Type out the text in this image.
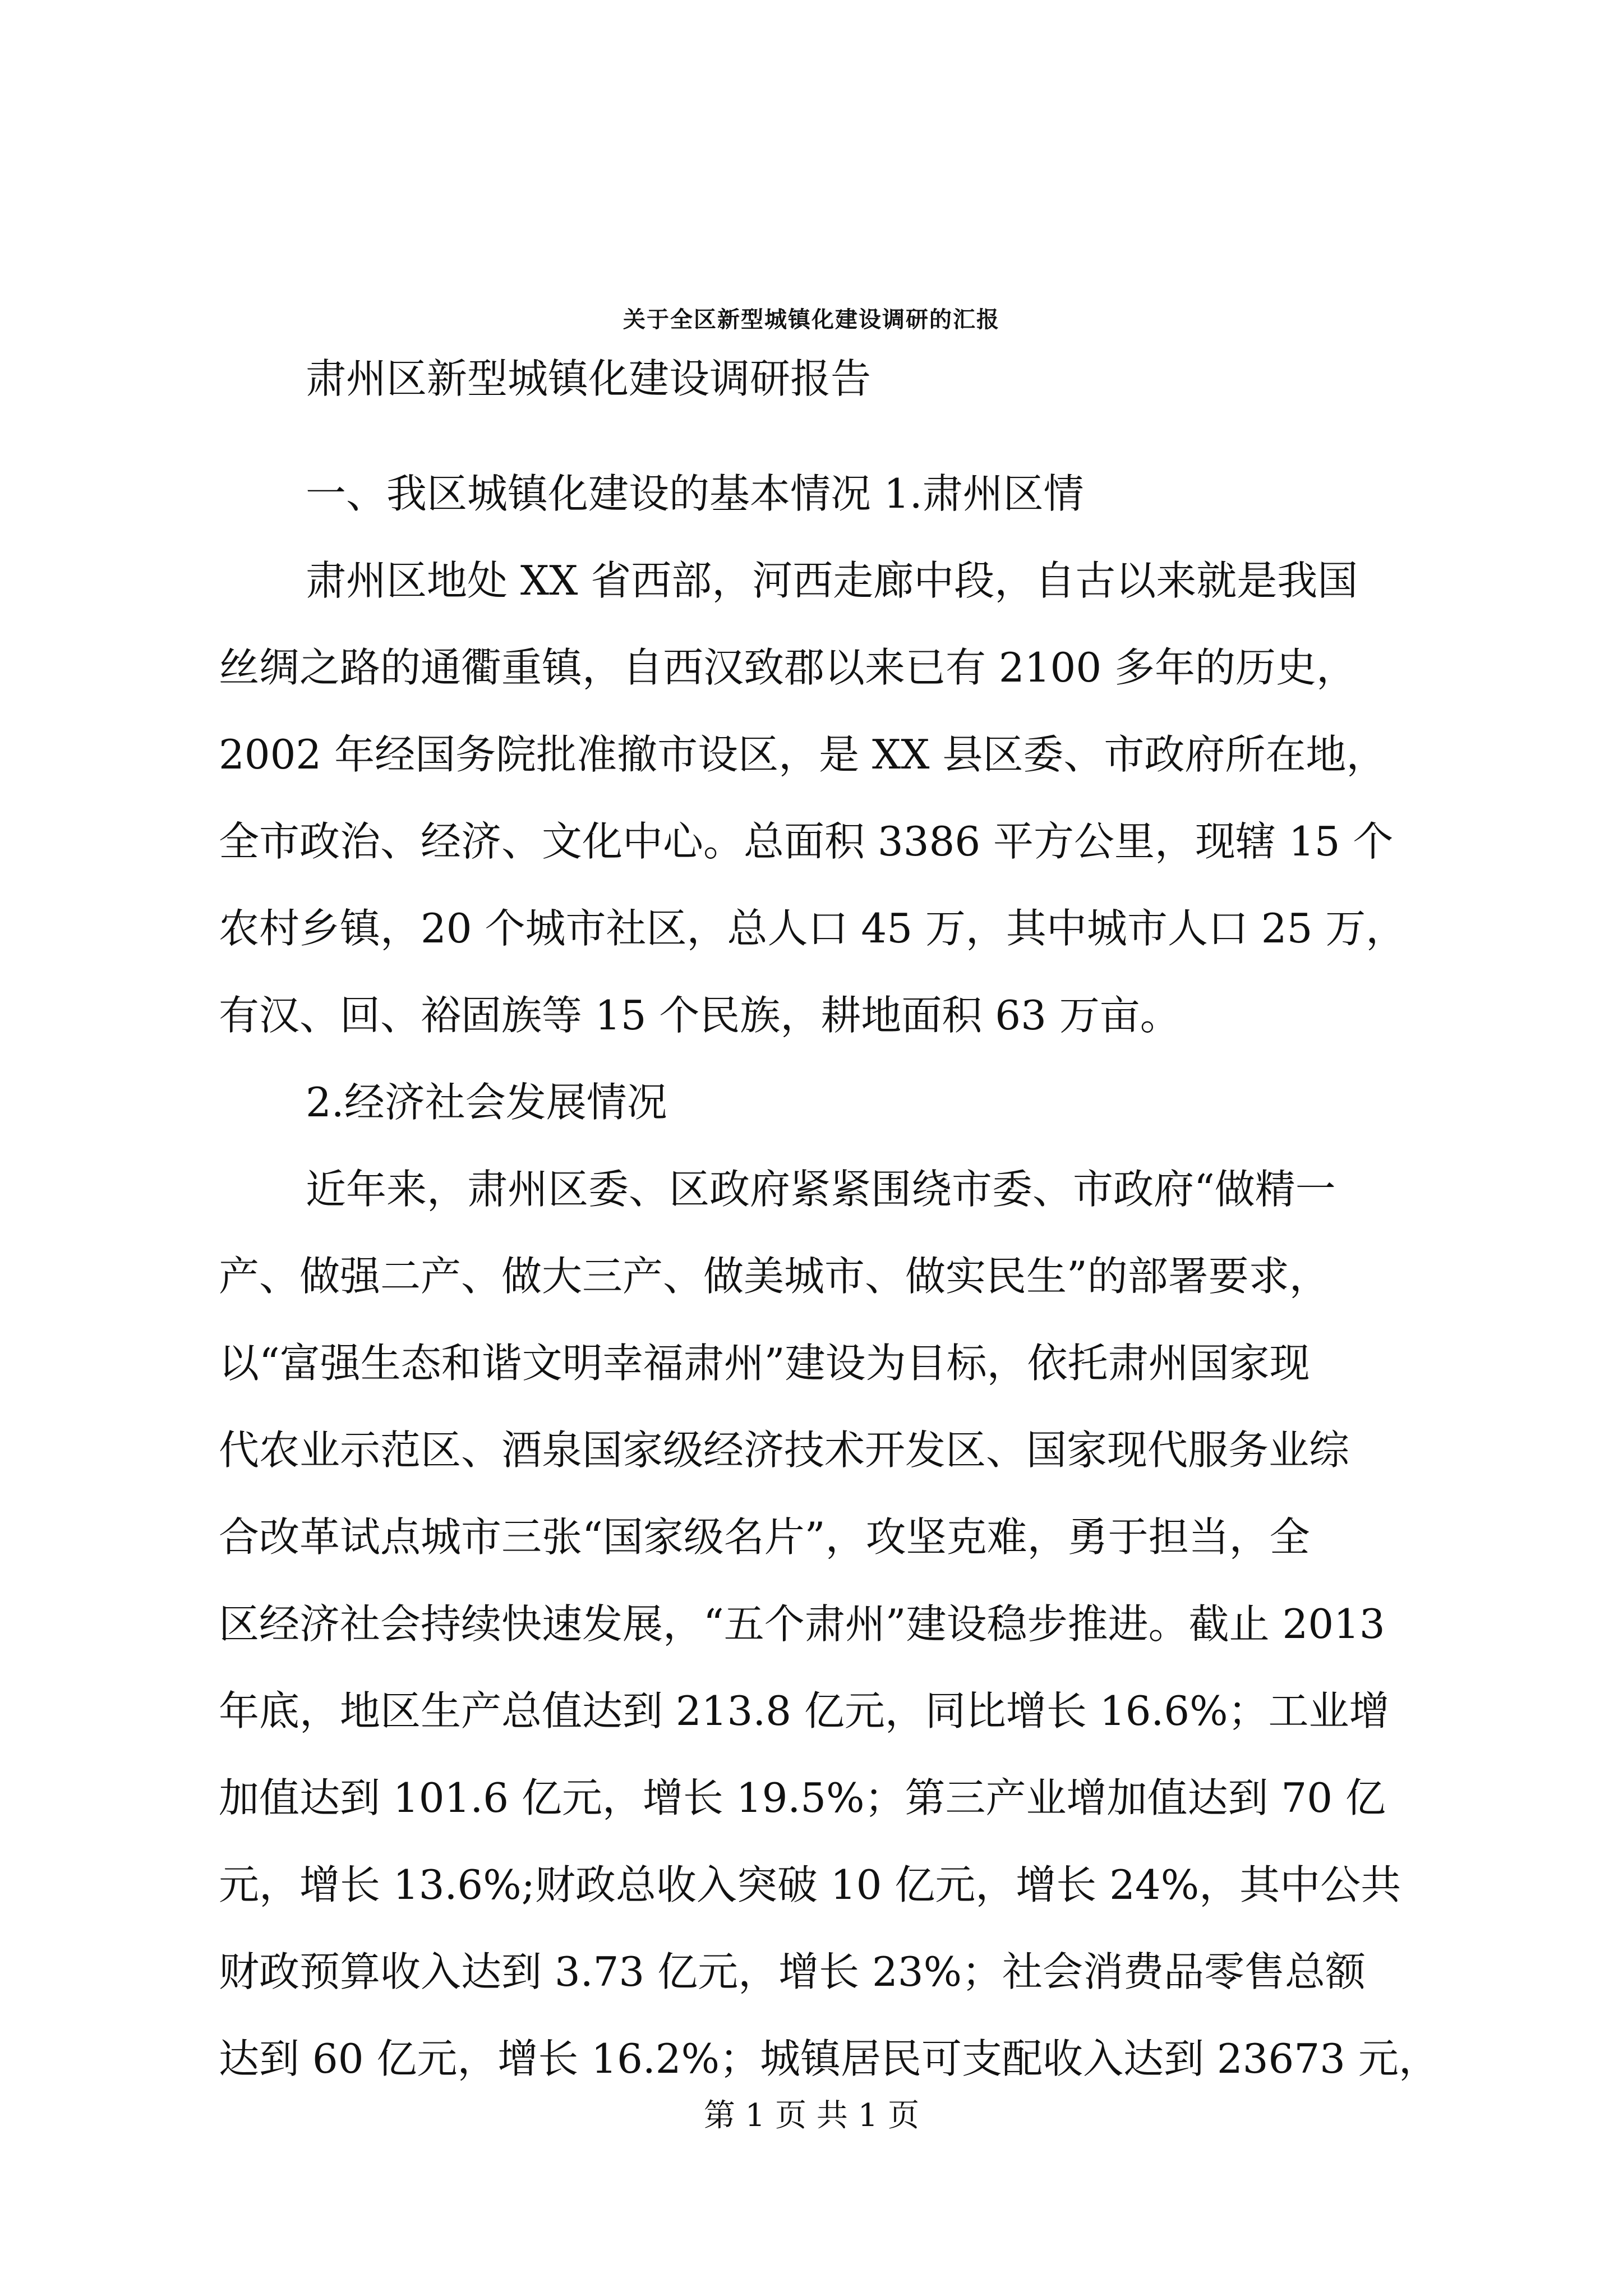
关于全区新型城镇化建设调研的汇报
肃州区新型城镇化建设调研报告
一、我区城镇化建设的基本情况 1.肃州区情
肃州区地处 XX 省西部，河西走廊中段，自古以来就是我国
丝绸之路的通衢重镇，自西汉致郡以来已有 2100 多年的历史，
2002 年经国务院批准撤市设区，是 XX 县区委、市政府所在地，
全市政治、经济、文化中心。总面积 3386 平方公里，现辖 15 个
农村乡镇，20 个城市社区，总人口 45 万，其中城市人口 25 万，
有汉、回、裕固族等 15 个民族，耕地面积 63 万亩。
2.经济社会发展情况
近年来，肃州区委、区政府紧紧围绕市委、市政府“做精一
产、做强二产、做大三产、做美城市、做实民生”的部署要求，
以“富强生态和谐文明幸福肃州”建设为目标，依托肃州国家现
代农业示范区、酒泉国家级经济技术开发区、国家现代服务业综
合改革试点城市三张“国家级名片”，攻坚克难，勇于担当，全
区经济社会持续快速发展，“五个肃州”建设稳步推进。截止 2013
年底，地区生产总值达到 213.8 亿元，同比增长 16.6%；工业增
加值达到 101.6 亿元，增长 19.5%；第三产业增加值达到 70 亿
元，增长 13.6%;财政总收入突破 10 亿元，增长 24%，其中公共
财政预算收入达到 3.73 亿元，增长 23%；社会消费品零售总额
达到 60 亿元，增长 16.2%；城镇居民可支配收入达到 23673 元，
第 1 页 共 1 页
